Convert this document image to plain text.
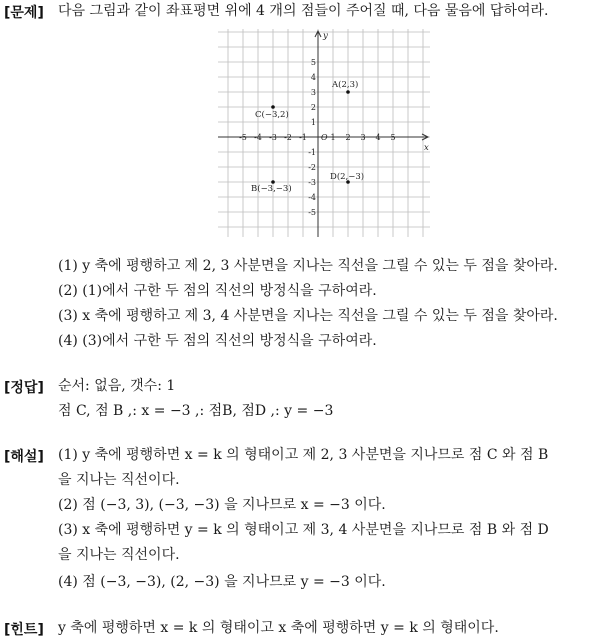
[문제] 다음 그림과 같이 좌표평면 위에 4 개의 점들이 주어질 때, 다음 물음에 답하여라.
x
y
-5 -4 -3 -2 -1	1 2 3 4 5
O
5
4
3
2
1
-1
-2
-3
-4
-5
A(2,3)
C(−3,2)
D(2,−3)
B(−3,−3)
(1) y 축에 평행하고 제 2, 3 사분면을 지나는 직선을 그릴 수 있는 두 점을 찾아라.
(2) (1)에서 구한 두 점의 직선의 방정식을 구하여라.
(3) x 축에 평행하고 제 3, 4 사분면을 지나는 직선을 그릴 수 있는 두 점을 찾아라.
(4) (3)에서 구한 두 점의 직선의 방정식을 구하여라.
[정답] 순서: 없음, 갯수: 1
점 C, 점 B ,: x = −3 ,: 점B, 점D ,: y = −3
[해설] (1) y 축에 평행하면 x = k 의 형태이고 제 2, 3 사분면을 지나므로 점 C 와 점 B
을 지나는 직선이다.
(2) 점 (−3, 3), (−3, −3) 을 지나므로 x = −3 이다.
(3) x 축에 평행하면 y = k 의 형태이고 제 3, 4 사분면을 지나므로 점 B 와 점 D
을 지나는 직선이다.
(4) 점 (−3, −3), (2, −3) 을 지나므로 y = −3 이다.
[힌트] y 축에 평행하면 x = k 의 형태이고 x 축에 평행하면 y = k 의 형태이다.
